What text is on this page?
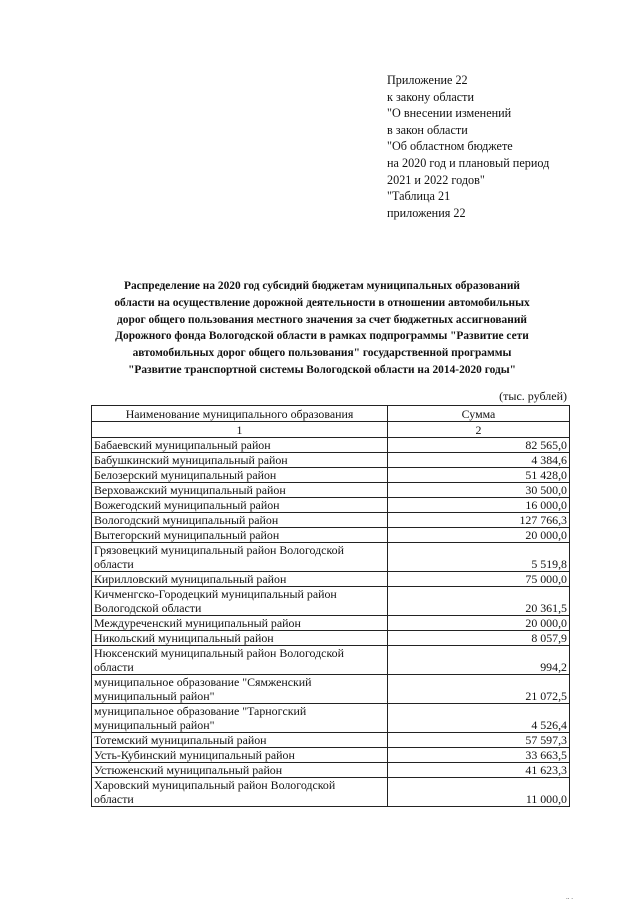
Приложение 22
к закону области
"О внесении изменений
в закон области
"Об областном бюджете
на 2020 год и плановый период
2021 и 2022 годов"
"Таблица 21
приложения 22
Распределение на 2020 год субсидий бюджетам муниципальных образований
области на осуществление дорожной деятельности в отношении автомобильных
дорог общего пользования местного значения за счет бюджетных ассигнований
Дорожного фонда Вологодской области в рамках подпрограммы "Развитие сети
автомобильных дорог общего пользования" государственной программы
"Развитие транспортной системы Вологодской области на 2014-2020 годы"
(тыс. рублей)
Наименование муниципального образования	Сумма
1	2

Бабаевский муниципальный район	82 565,0

Бабушкинский муниципальный район	4 384,6

Белозерский муниципальный район	51 428,0

Верховажский муниципальный район	30 500,0

Вожегодский муниципальный район	16 000,0

Вологодский муниципальный район	127 766,3

Вытегорский муниципальный район	20 000,0

Грязовецкий муниципальный район Вологодской
области	5 519,8

Кирилловский муниципальный район	75 000,0

Кичменгско-Городецкий муниципальный район
Вологодской области	20 361,5

Междуреченский муниципальный район	20 000,0

Никольский муниципальный район	8 057,9

Нюксенский муниципальный район Вологодской
области	994,2

муниципальное образование "Сямженский
муниципальный район"	21 072,5

муниципальное образование "Тарногский
муниципальный район"	4 526,4

Тотемский муниципальный район	57 597,3

Усть-Кубинский муниципальный район	33 663,5

Устюженский муниципальный район	41 623,3

Харовский муниципальный район Вологодской
области	11 000,0
.. .
